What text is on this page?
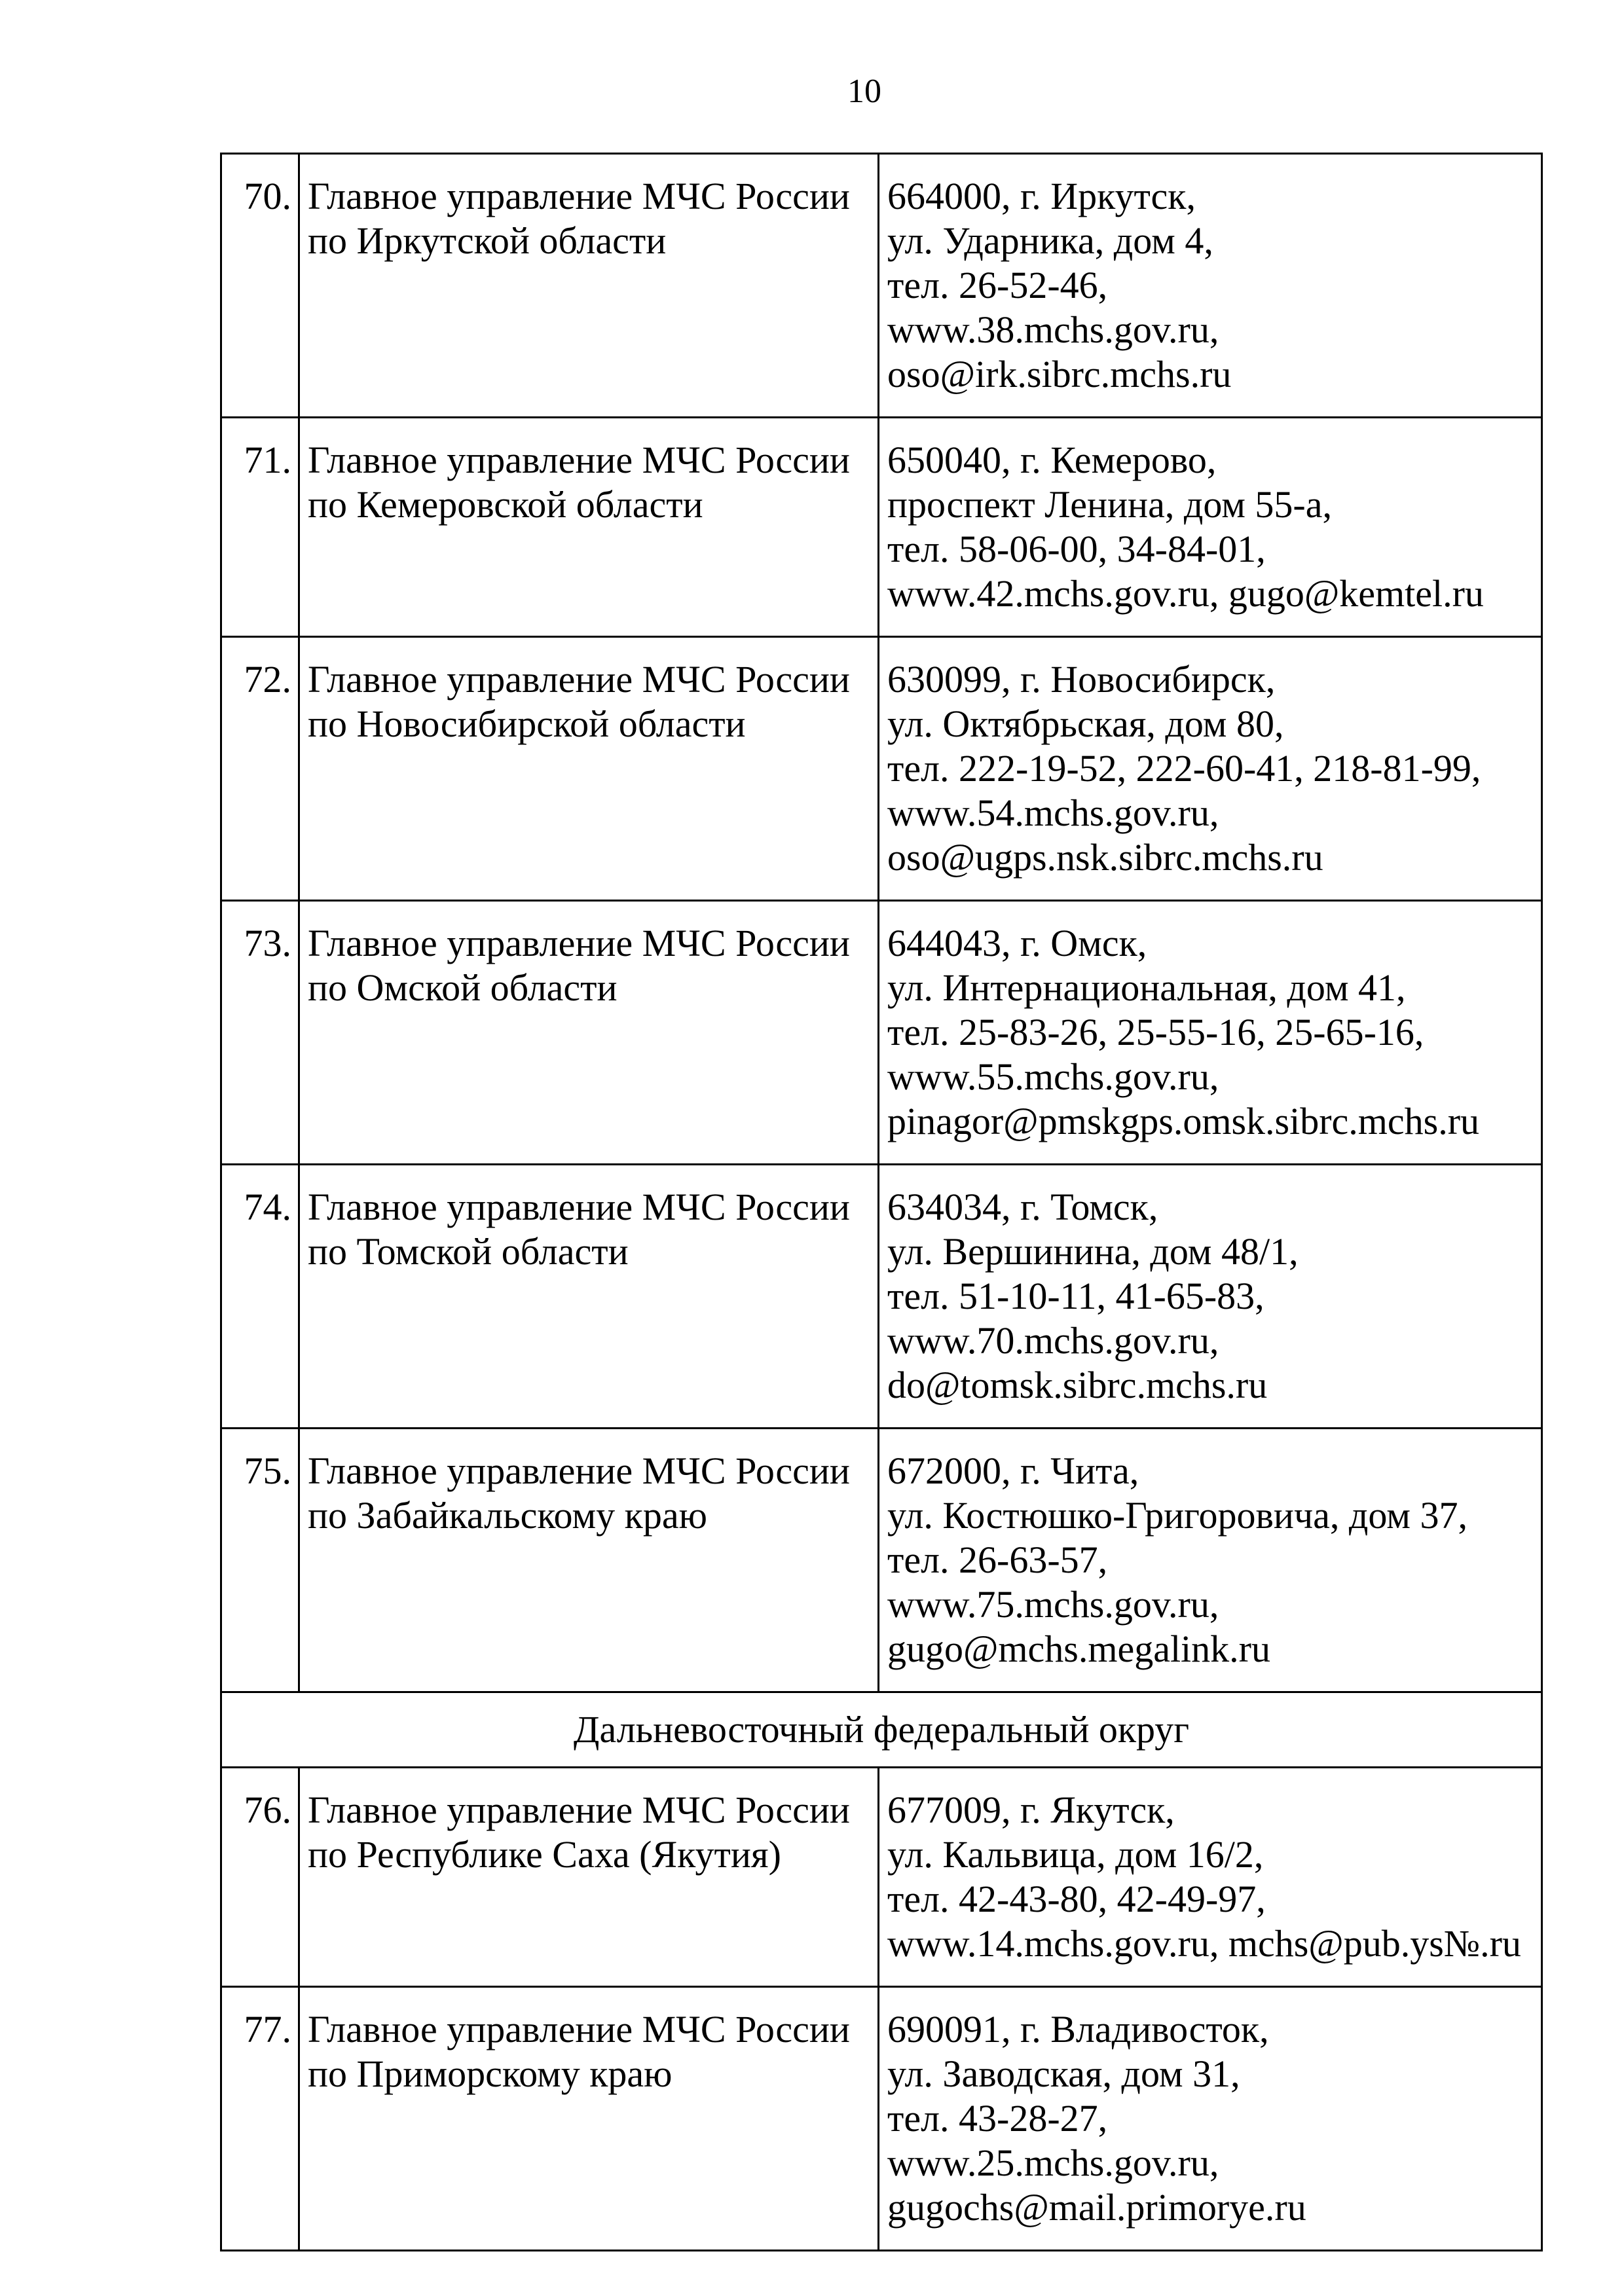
10
70.	Главное управление МЧС России
по Иркутской области	664000, г. Иркутск,
ул. Ударника, дом 4,
тел. 26-52-46,
www.38.mchs.gov.ru,
oso@irk.sibrc.mchs.ru

71.	Главное управление МЧС России
по Кемеровской области	650040, г. Кемерово,
проспект Ленина, дом 55-а,
тел. 58-06-00, 34-84-01,
www.42.mchs.gov.ru, gugo@kemtel.ru

72.	Главное управление МЧС России
по Новосибирской области	630099, г. Новосибирск,
ул. Октябрьская, дом 80,
тел. 222-19-52, 222-60-41, 218-81-99,
www.54.mchs.gov.ru,
oso@ugps.nsk.sibrc.mchs.ru

73.	Главное управление МЧС России
по Омской области	644043, г. Омск,
ул. Интернациональная, дом 41,
тел. 25-83-26, 25-55-16, 25-65-16,
www.55.mchs.gov.ru,
pinagor@pmskgps.omsk.sibrc.mchs.ru

74.	Главное управление МЧС России
по Томской области	634034, г. Томск,
ул. Вершинина, дом 48/1,
тел. 51-10-11, 41-65-83,
www.70.mchs.gov.ru,
do@tomsk.sibrc.mchs.ru

75.	Главное управление МЧС России
по Забайкальскому краю	672000, г. Чита,
ул. Костюшко-Григоровича, дом 37,
тел. 26-63-57,
www.75.mchs.gov.ru,
gugo@mchs.megalink.ru

Дальневосточный федеральный округ		
76.	Главное управление МЧС России
по Республике Саха (Якутия)	677009, г. Якутск,
ул. Кальвица, дом 16/2,
тел. 42-43-80, 42-49-97,
www.14.mchs.gov.ru, mchs@pub.ys№.ru

77.	Главное управление МЧС России
по Приморскому краю	690091, г. Владивосток,
ул. Заводская, дом 31,
тел. 43-28-27,
www.25.mchs.gov.ru,
gugochs@mail.primorye.ru
